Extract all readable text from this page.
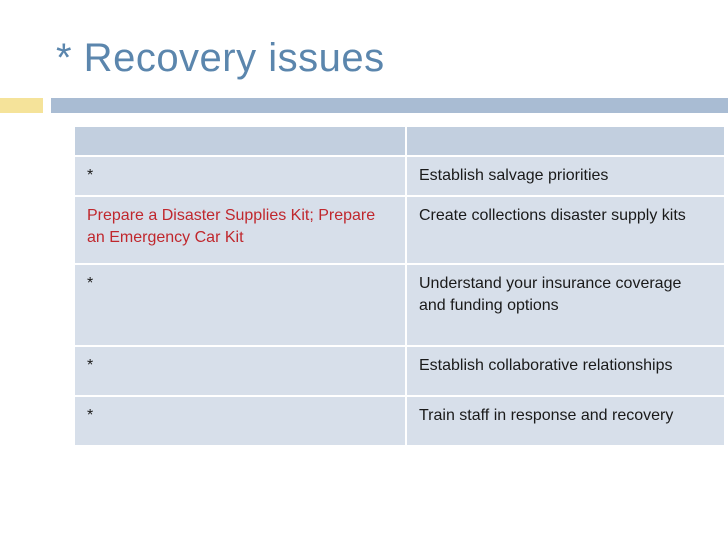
* Recovery issues

*	Establish salvage priorities
Prepare a Disaster Supplies Kit; Prepare an Emergency Car Kit	Create collections disaster supply kits
*	Understand your insurance coverage and funding options
*	Establish collaborative relationships
*	Train staff in response and recovery
